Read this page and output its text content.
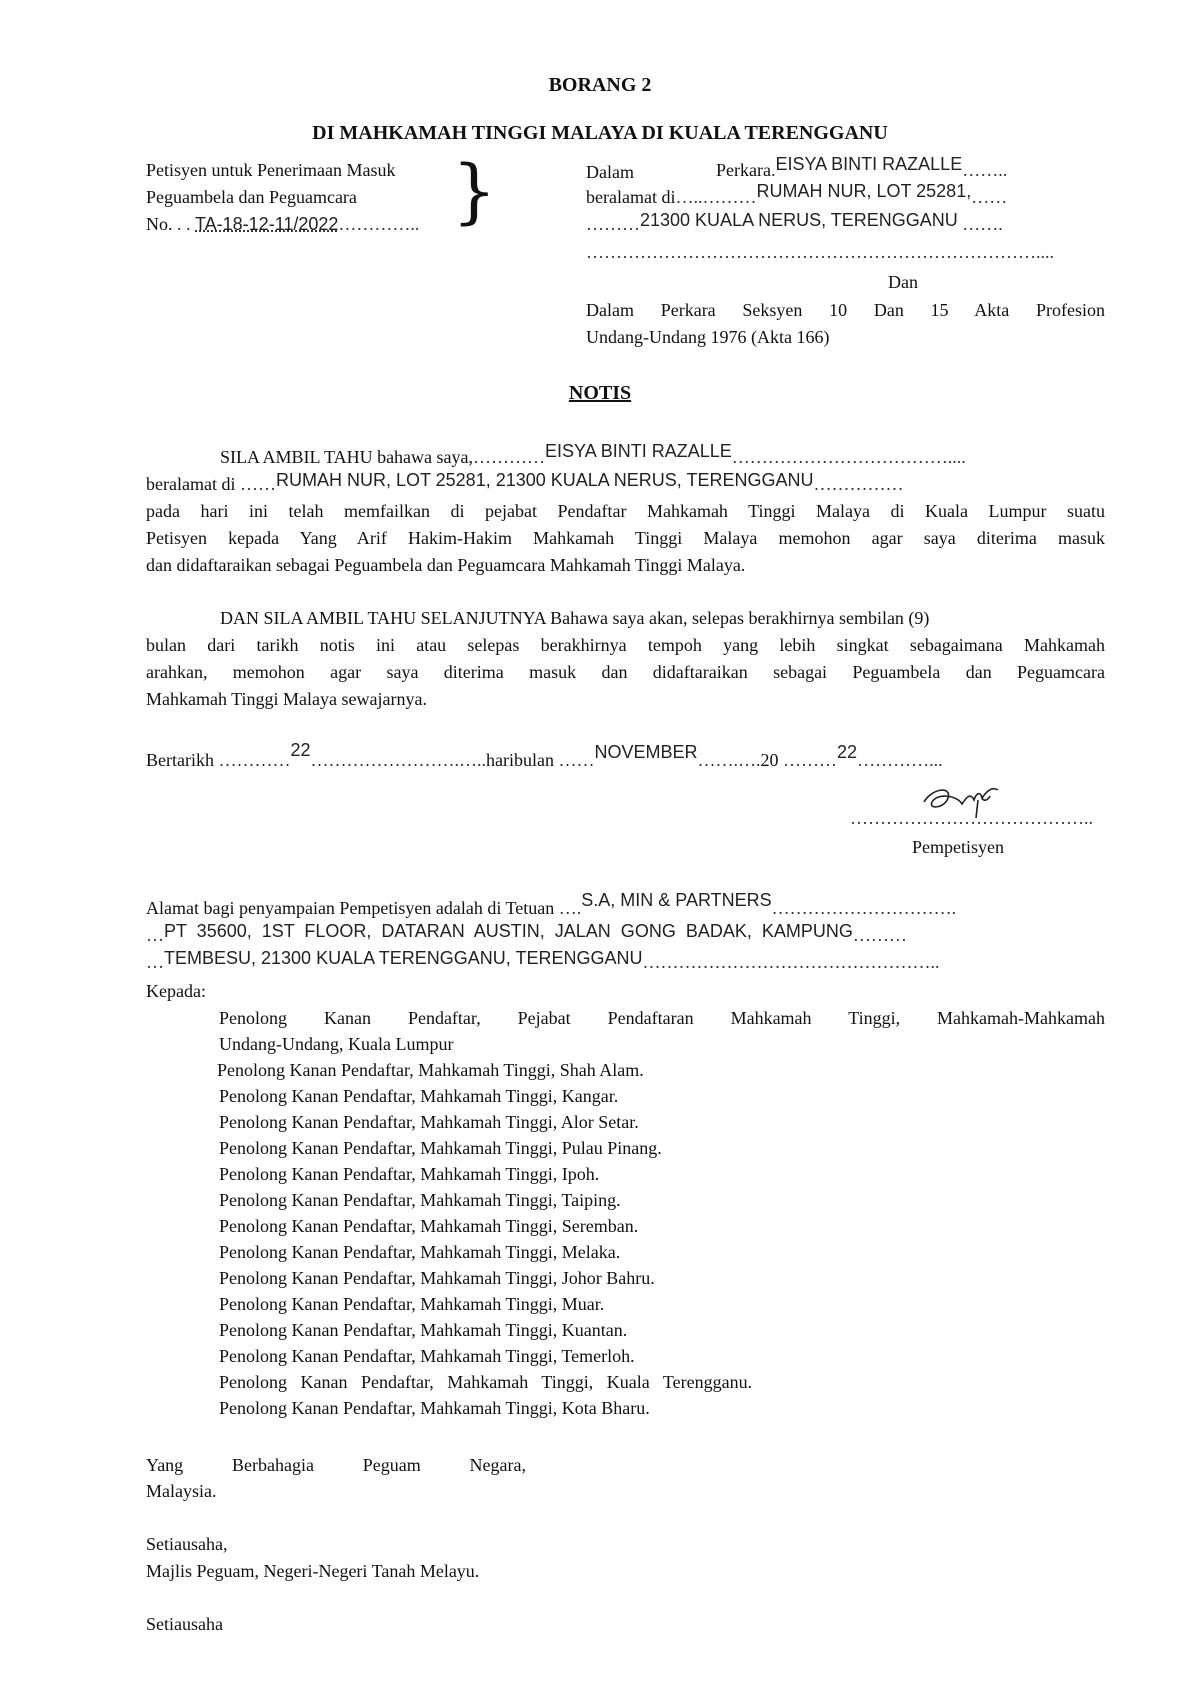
BORANG 2
DI MAHKAMAH TINGGI MALAYA DI KUALA TERENGGANU
Petisyen untuk Penerimaan Masuk
Peguambela dan Peguamcara
No. . . TA-18-12-11/2022………….. }	Dalam	Perkara.EISYA BINTI RAZALLE……..
beralamat di…..………RUMAH NUR, LOT 25281,……
………21300 KUALA NERUS, TERENGGANU …….
…………………………………………………………………....
Dan
Dalam Perkara Seksyen 10 Dan 15 Akta Profesion
Undang-Undang 1976 (Akta 166)
NOTIS
SILA AMBIL TAHU bahawa saya,…………EISYA BINTI RAZALLE………………………………....
beralamat di ……RUMAH NUR, LOT 25281, 21300 KUALA NERUS, TERENGGANU……………
pada hari ini telah memfailkan di pejabat Pendaftar Mahkamah Tinggi Malaya di Kuala Lumpur suatu
Petisyen kepada Yang Arif Hakim-Hakim Mahkamah Tinggi Malaya memohon agar saya diterima masuk
dan didaftaraikan sebagai Peguambela dan Peguamcara Mahkamah Tinggi Malaya.
DAN SILA AMBIL TAHU SELANJUTNYA Bahawa saya akan, selepas berakhirnya sembilan (9)
bulan dari tarikh notis ini atau selepas berakhirnya tempoh yang lebih singkat sebagaimana Mahkamah
arahkan, memohon agar saya diterima masuk dan didaftaraikan sebagai Peguambela dan Peguamcara
Mahkamah Tinggi Malaya sewajarnya.
Bertarikh …………22…………………….…..haribulan ……NOVEMBER…….….20 ………22…………...
…………………………………..
Pempetisyen
Alamat bagi penyampaian Pempetisyen adalah di Tetuan ….S.A, MIN & PARTNERS………………………….
…PT  35600,  1ST  FLOOR,  DATARAN  AUSTIN,  JALAN  GONG  BADAK,  KAMPUNG………
…TEMBESU, 21300 KUALA TERENGGANU, TERENGGANU…………………………………………..
Kepada:
Penolong Kanan Pendaftar, Pejabat Pendaftaran Mahkamah Tinggi, Mahkamah-Mahkamah
Undang-Undang, Kuala Lumpur
Penolong Kanan Pendaftar, Mahkamah Tinggi, Shah Alam.
Penolong Kanan Pendaftar, Mahkamah Tinggi, Kangar.
Penolong Kanan Pendaftar, Mahkamah Tinggi, Alor Setar.
Penolong Kanan Pendaftar, Mahkamah Tinggi, Pulau Pinang.
Penolong Kanan Pendaftar, Mahkamah Tinggi, Ipoh.
Penolong Kanan Pendaftar, Mahkamah Tinggi, Taiping.
Penolong Kanan Pendaftar, Mahkamah Tinggi, Seremban.
Penolong Kanan Pendaftar, Mahkamah Tinggi, Melaka.
Penolong Kanan Pendaftar, Mahkamah Tinggi, Johor Bahru.
Penolong Kanan Pendaftar, Mahkamah Tinggi, Muar.
Penolong Kanan Pendaftar, Mahkamah Tinggi, Kuantan.
Penolong Kanan Pendaftar, Mahkamah Tinggi, Temerloh.
Penolong   Kanan   Pendaftar,   Mahkamah   Tinggi,   Kuala   Terengganu.
Penolong Kanan Pendaftar, Mahkamah Tinggi, Kota Bharu.
Yang Berbahagia Peguam Negara,
Malaysia.
Setiausaha,
Majlis Peguam, Negeri-Negeri Tanah Melayu.
Setiausaha
